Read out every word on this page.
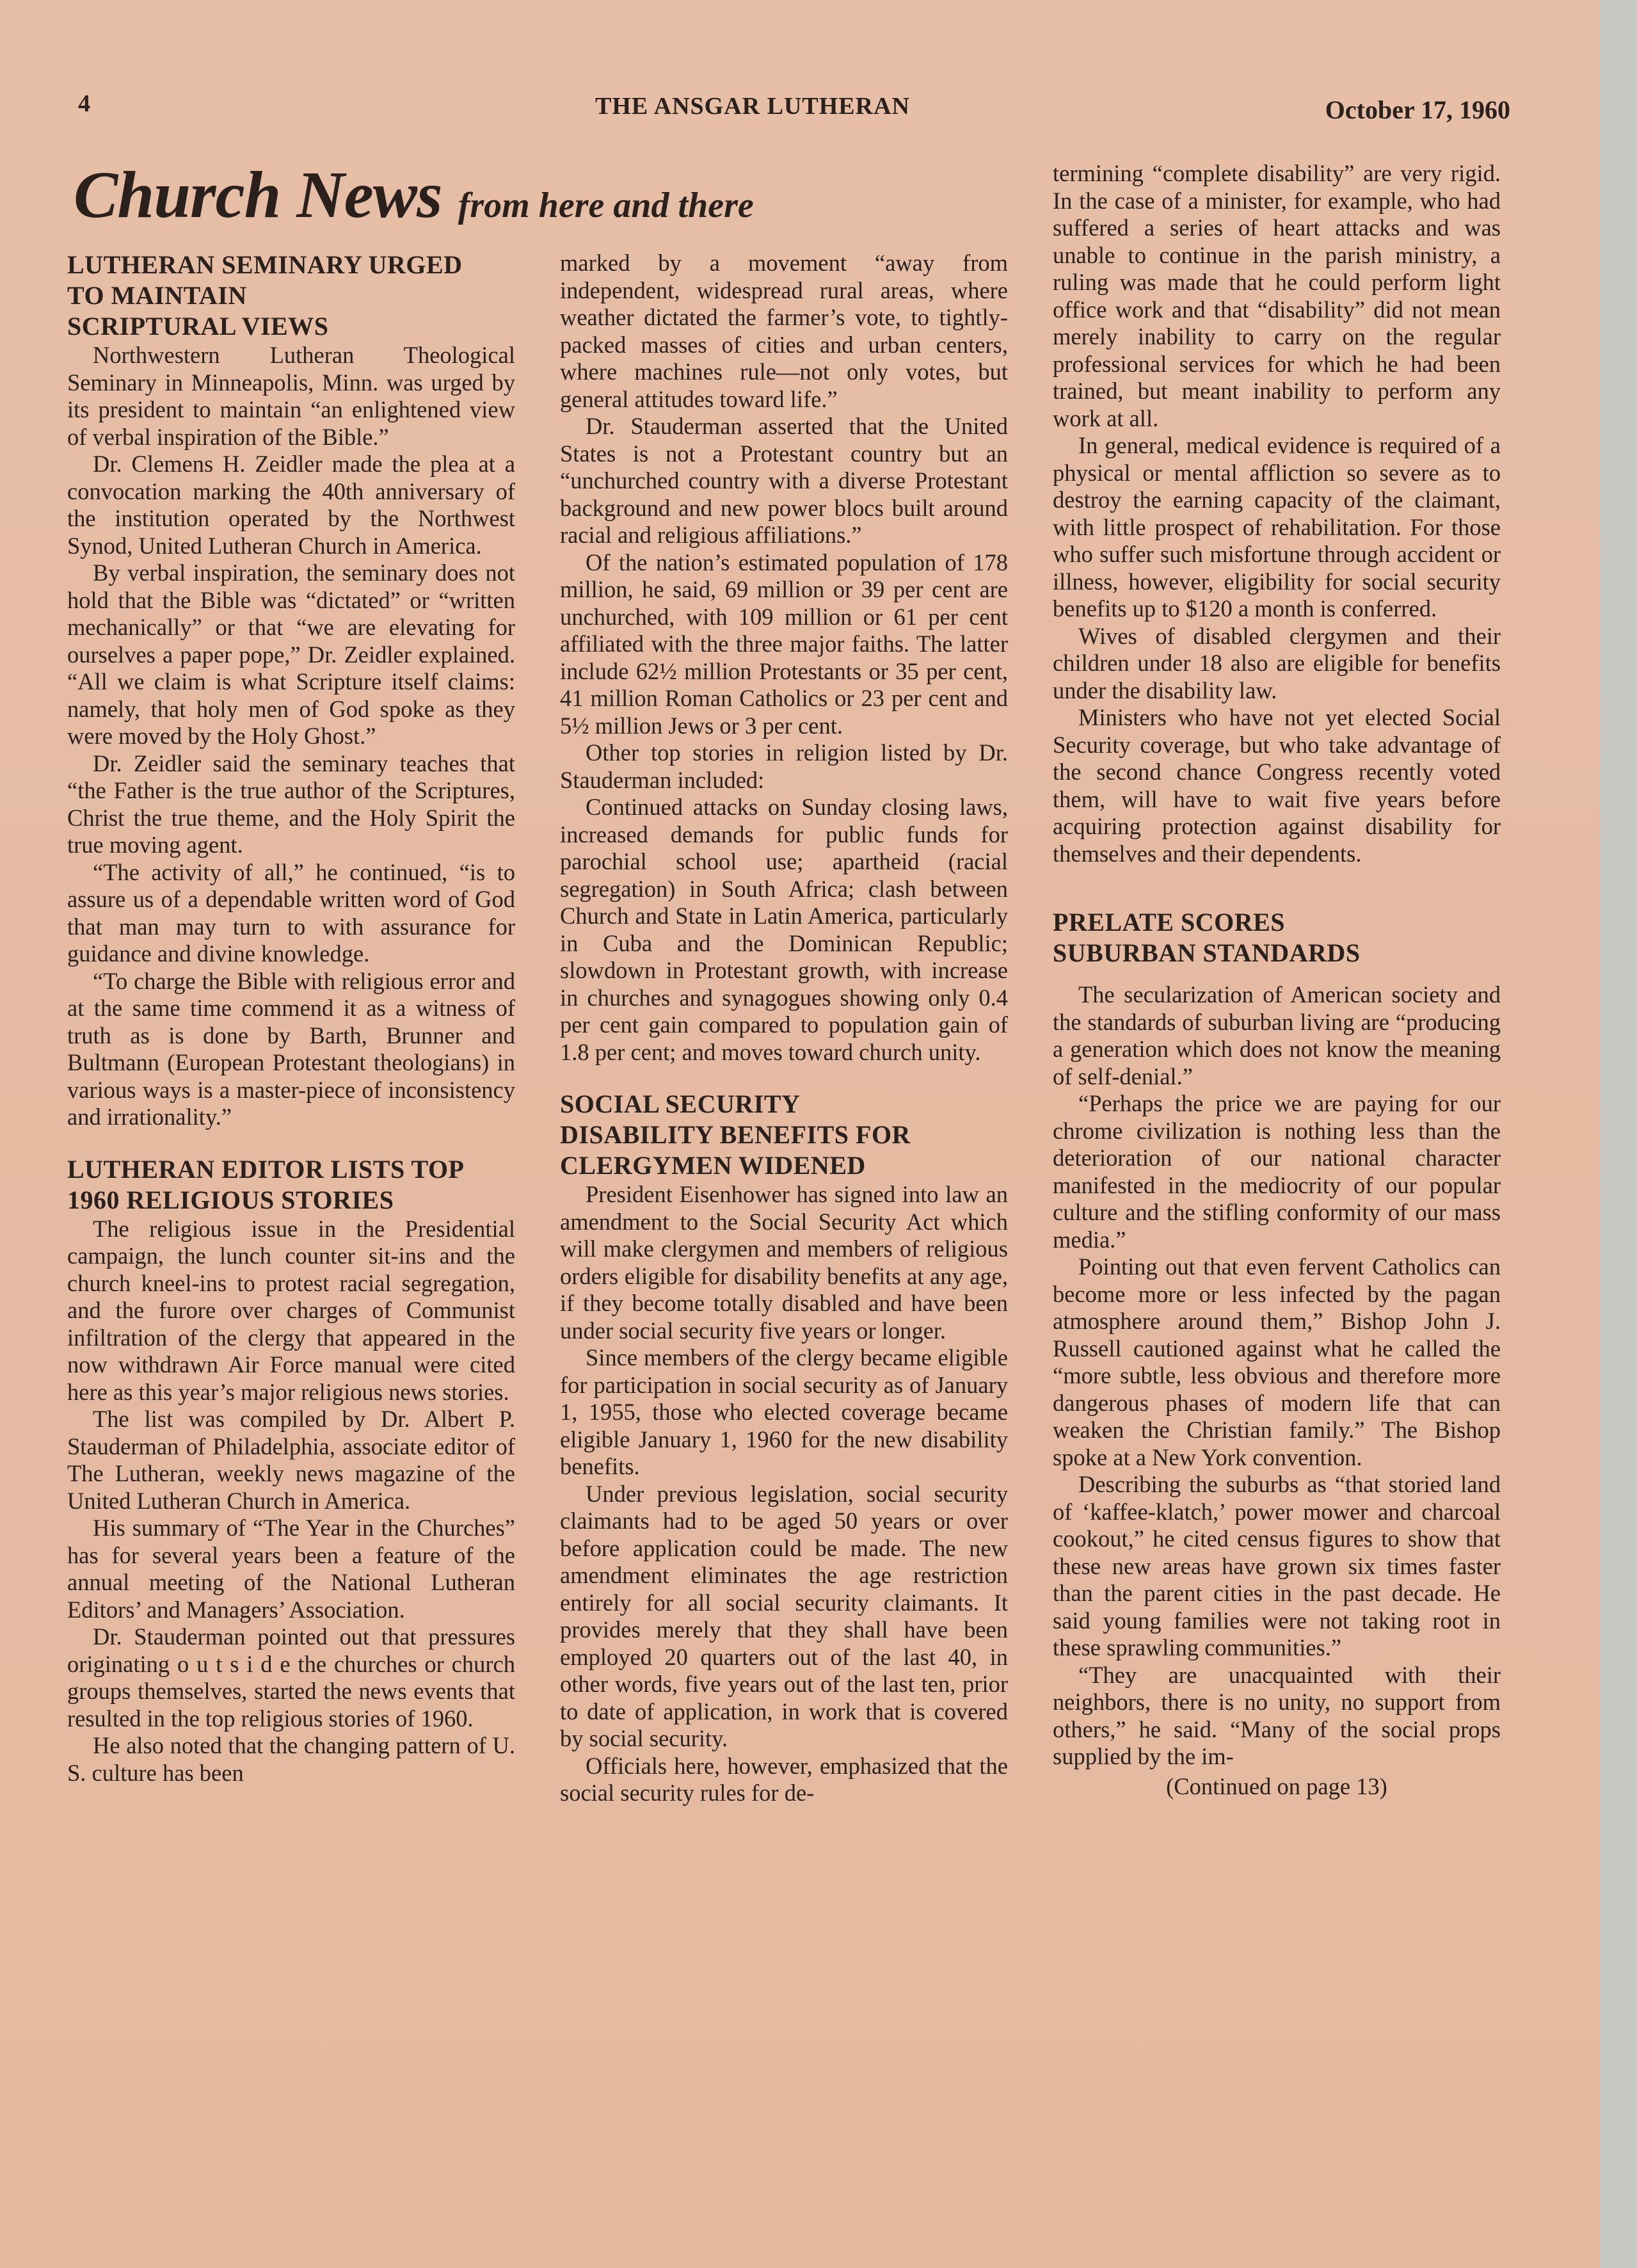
4	THE ANSGAR LUTHERAN	October 17, 1960
Church News from here and there
LUTHERAN SEMINARY URGED
TO MAINTAIN
SCRIPTURAL VIEWS

Northwestern Lutheran Theological Seminary in Minneapolis, Minn. was urged by its president to maintain “an enlightened view of verbal inspiration of the Bible.”

Dr. Clemens H. Zeidler made the plea at a convocation marking the 40th anniversary of the institution operated by the Northwest Synod, United Lutheran Church in America.

By verbal inspiration, the seminary does not hold that the Bible was “dictated” or “written mechanically” or that “we are elevating for ourselves a paper pope,” Dr. Zeidler explained. “All we claim is what Scripture itself claims: namely, that holy men of God spoke as they were moved by the Holy Ghost.”

Dr. Zeidler said the seminary teaches that “the Father is the true author of the Scriptures, Christ the true theme, and the Holy Spirit the true moving agent.

“The activity of all,” he continued, “is to assure us of a dependable written word of God that man may turn to with assurance for guidance and divine knowledge.

“To charge the Bible with religious error and at the same time commend it as a witness of truth as is done by Barth, Brunner and Bultmann (European Protestant theologians) in various ways is a master-piece of inconsistency and irrationality.”

LUTHERAN EDITOR LISTS TOP
1960 RELIGIOUS STORIES

The religious issue in the Presidential campaign, the lunch counter sit-ins and the church kneel-ins to protest racial segregation, and the furore over charges of Communist infiltration of the clergy that appeared in the now withdrawn Air Force manual were cited here as this year’s major religious news stories.

The list was compiled by Dr. Albert P. Stauderman of Philadelphia, associate editor of The Lutheran, weekly news magazine of the United Lutheran Church in America.

His summary of “The Year in the Churches” has for several years been a feature of the annual meeting of the National Lutheran Editors’ and Managers’ Association.

Dr. Stauderman pointed out that pressures originating o u t s i d e the churches or church groups themselves, started the news events that resulted in the top religious stories of 1960.

He also noted that the changing pattern of U. S. culture has been

marked by a movement “away from independent, widespread rural areas, where weather dictated the farmer’s vote, to tightly-packed masses of cities and urban centers, where machines rule—not only votes, but general attitudes toward life.”

Dr. Stauderman asserted that the United States is not a Protestant country but an “unchurched country with a diverse Protestant background and new power blocs built around racial and religious affiliations.”

Of the nation’s estimated population of 178 million, he said, 69 million or 39 per cent are unchurched, with 109 million or 61 per cent affiliated with the three major faiths. The latter include 62½ million Protestants or 35 per cent, 41 million Roman Catholics or 23 per cent and 5½ million Jews or 3 per cent.

Other top stories in religion listed by Dr. Stauderman included:

Continued attacks on Sunday closing laws, increased demands for public funds for parochial school use; apartheid (racial segregation) in South Africa; clash between Church and State in Latin America, particularly in Cuba and the Dominican Republic; slowdown in Protestant growth, with increase in churches and synagogues showing only 0.4 per cent gain compared to population gain of 1.8 per cent; and moves toward church unity.

SOCIAL SECURITY
DISABILITY BENEFITS FOR
CLERGYMEN WIDENED

President Eisenhower has signed into law an amendment to the Social Security Act which will make clergymen and members of religious orders eligible for disability benefits at any age, if they become totally disabled and have been under social security five years or longer.

Since members of the clergy became eligible for participation in social security as of January 1, 1955, those who elected coverage became eligible January 1, 1960 for the new disability benefits.

Under previous legislation, social security claimants had to be aged 50 years or over before application could be made. The new amendment eliminates the age restriction entirely for all social security claimants. It provides merely that they shall have been employed 20 quarters out of the last 40, in other words, five years out of the last ten, prior to date of application, in work that is covered by social security.

Officials here, however, emphasized that the social security rules for de-

termining “complete disability” are very rigid. In the case of a minister, for example, who had suffered a series of heart attacks and was unable to continue in the parish ministry, a ruling was made that he could perform light office work and that “disability” did not mean merely inability to carry on the regular professional services for which he had been trained, but meant inability to perform any work at all.

In general, medical evidence is required of a physical or mental affliction so severe as to destroy the earning capacity of the claimant, with little prospect of rehabilitation. For those who suffer such misfortune through accident or illness, however, eligibility for social security benefits up to $120 a month is conferred.

Wives of disabled clergymen and their children under 18 also are eligible for benefits under the disability law.

Ministers who have not yet elected Social Security coverage, but who take advantage of the second chance Congress recently voted them, will have to wait five years before acquiring protection against disability for themselves and their dependents.

PRELATE SCORES
SUBURBAN STANDARDS

The secularization of American society and the standards of suburban living are “producing a generation which does not know the meaning of self-denial.”

“Perhaps the price we are paying for our chrome civilization is nothing less than the deterioration of our national character manifested in the mediocrity of our popular culture and the stifling conformity of our mass media.”

Pointing out that even fervent Catholics can become more or less infected by the pagan atmosphere around them,” Bishop John J. Russell cautioned against what he called the “more subtle, less obvious and therefore more dangerous phases of modern life that can weaken the Christian family.” The Bishop spoke at a New York convention.

Describing the suburbs as “that storied land of ‘kaffee-klatch,’ power mower and charcoal cookout,” he cited census figures to show that these new areas have grown six times faster than the parent cities in the past decade. He said young families were not taking root in these sprawling communities.”

“They are unacquainted with their neighbors, there is no unity, no support from others,” he said. “Many of the social props supplied by the im-

(Continued on page 13)
